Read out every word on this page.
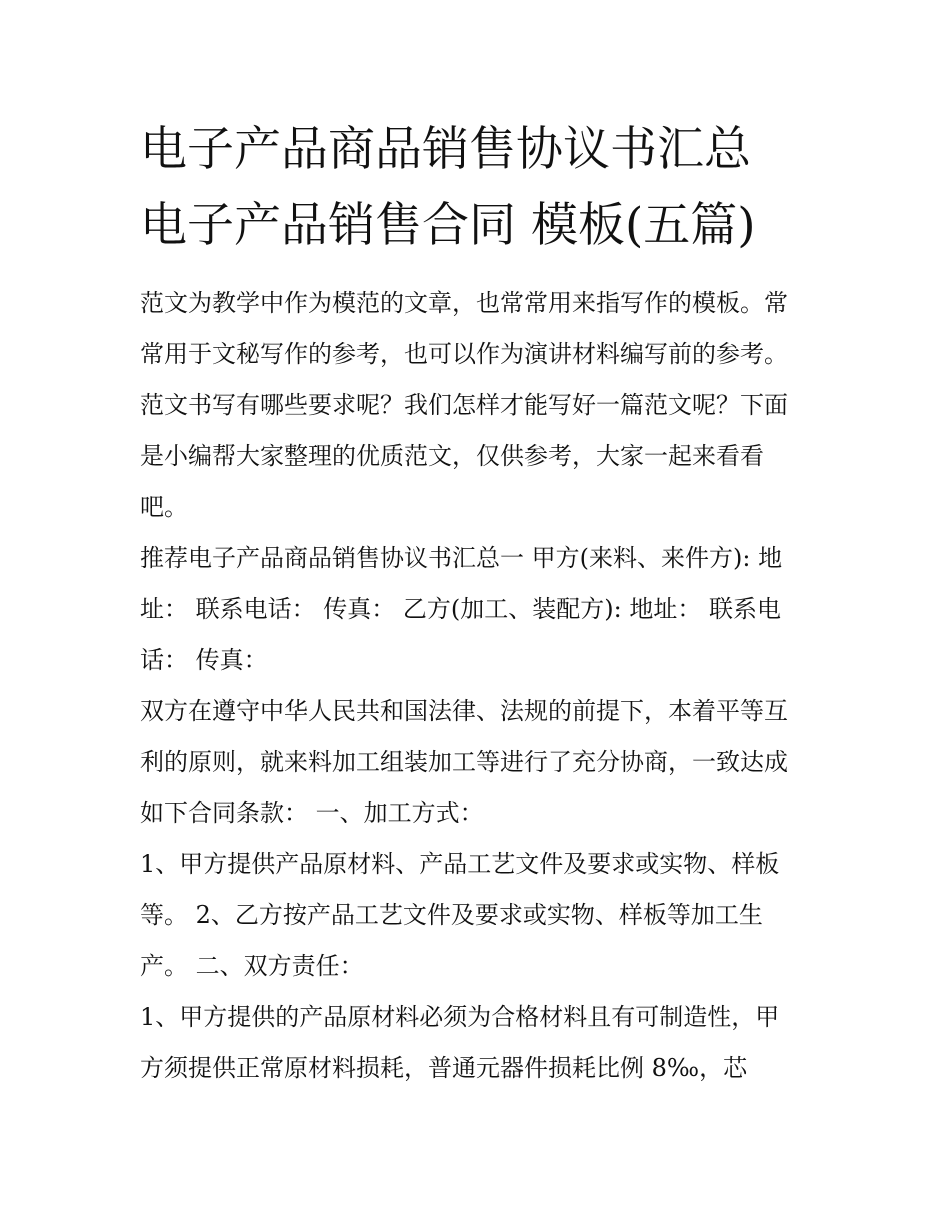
电子产品商品销售协议书汇总
电子产品销售合同 模板(五篇)

范文为教学中作为模范的文章，也常常用来指写作的模板。常
常用于文秘写作的参考，也可以作为演讲材料编写前的参考。
范文书写有哪些要求呢？我们怎样才能写好一篇范文呢？下面
是小编帮大家整理的优质范文，仅供参考，大家一起来看看
吧。

推荐电子产品商品销售协议书汇总一 甲方(来料、来件方): 地
址： 联系电话： 传真： 乙方(加工、装配方): 地址： 联系电
话： 传真：

双方在遵守中华人民共和国法律、法规的前提下，本着平等互
利的原则，就来料加工组装加工等进行了充分协商，一致达成
如下合同条款： 一、加工方式：

1、甲方提供产品原材料、产品工艺文件及要求或实物、样板
等。 2、乙方按产品工艺文件及要求或实物、样板等加工生
产。 二、双方责任：

1、甲方提供的产品原材料必须为合格材料且有可制造性，甲
方须提供正常原材料损耗，普通元器件损耗比例 8‰，芯
